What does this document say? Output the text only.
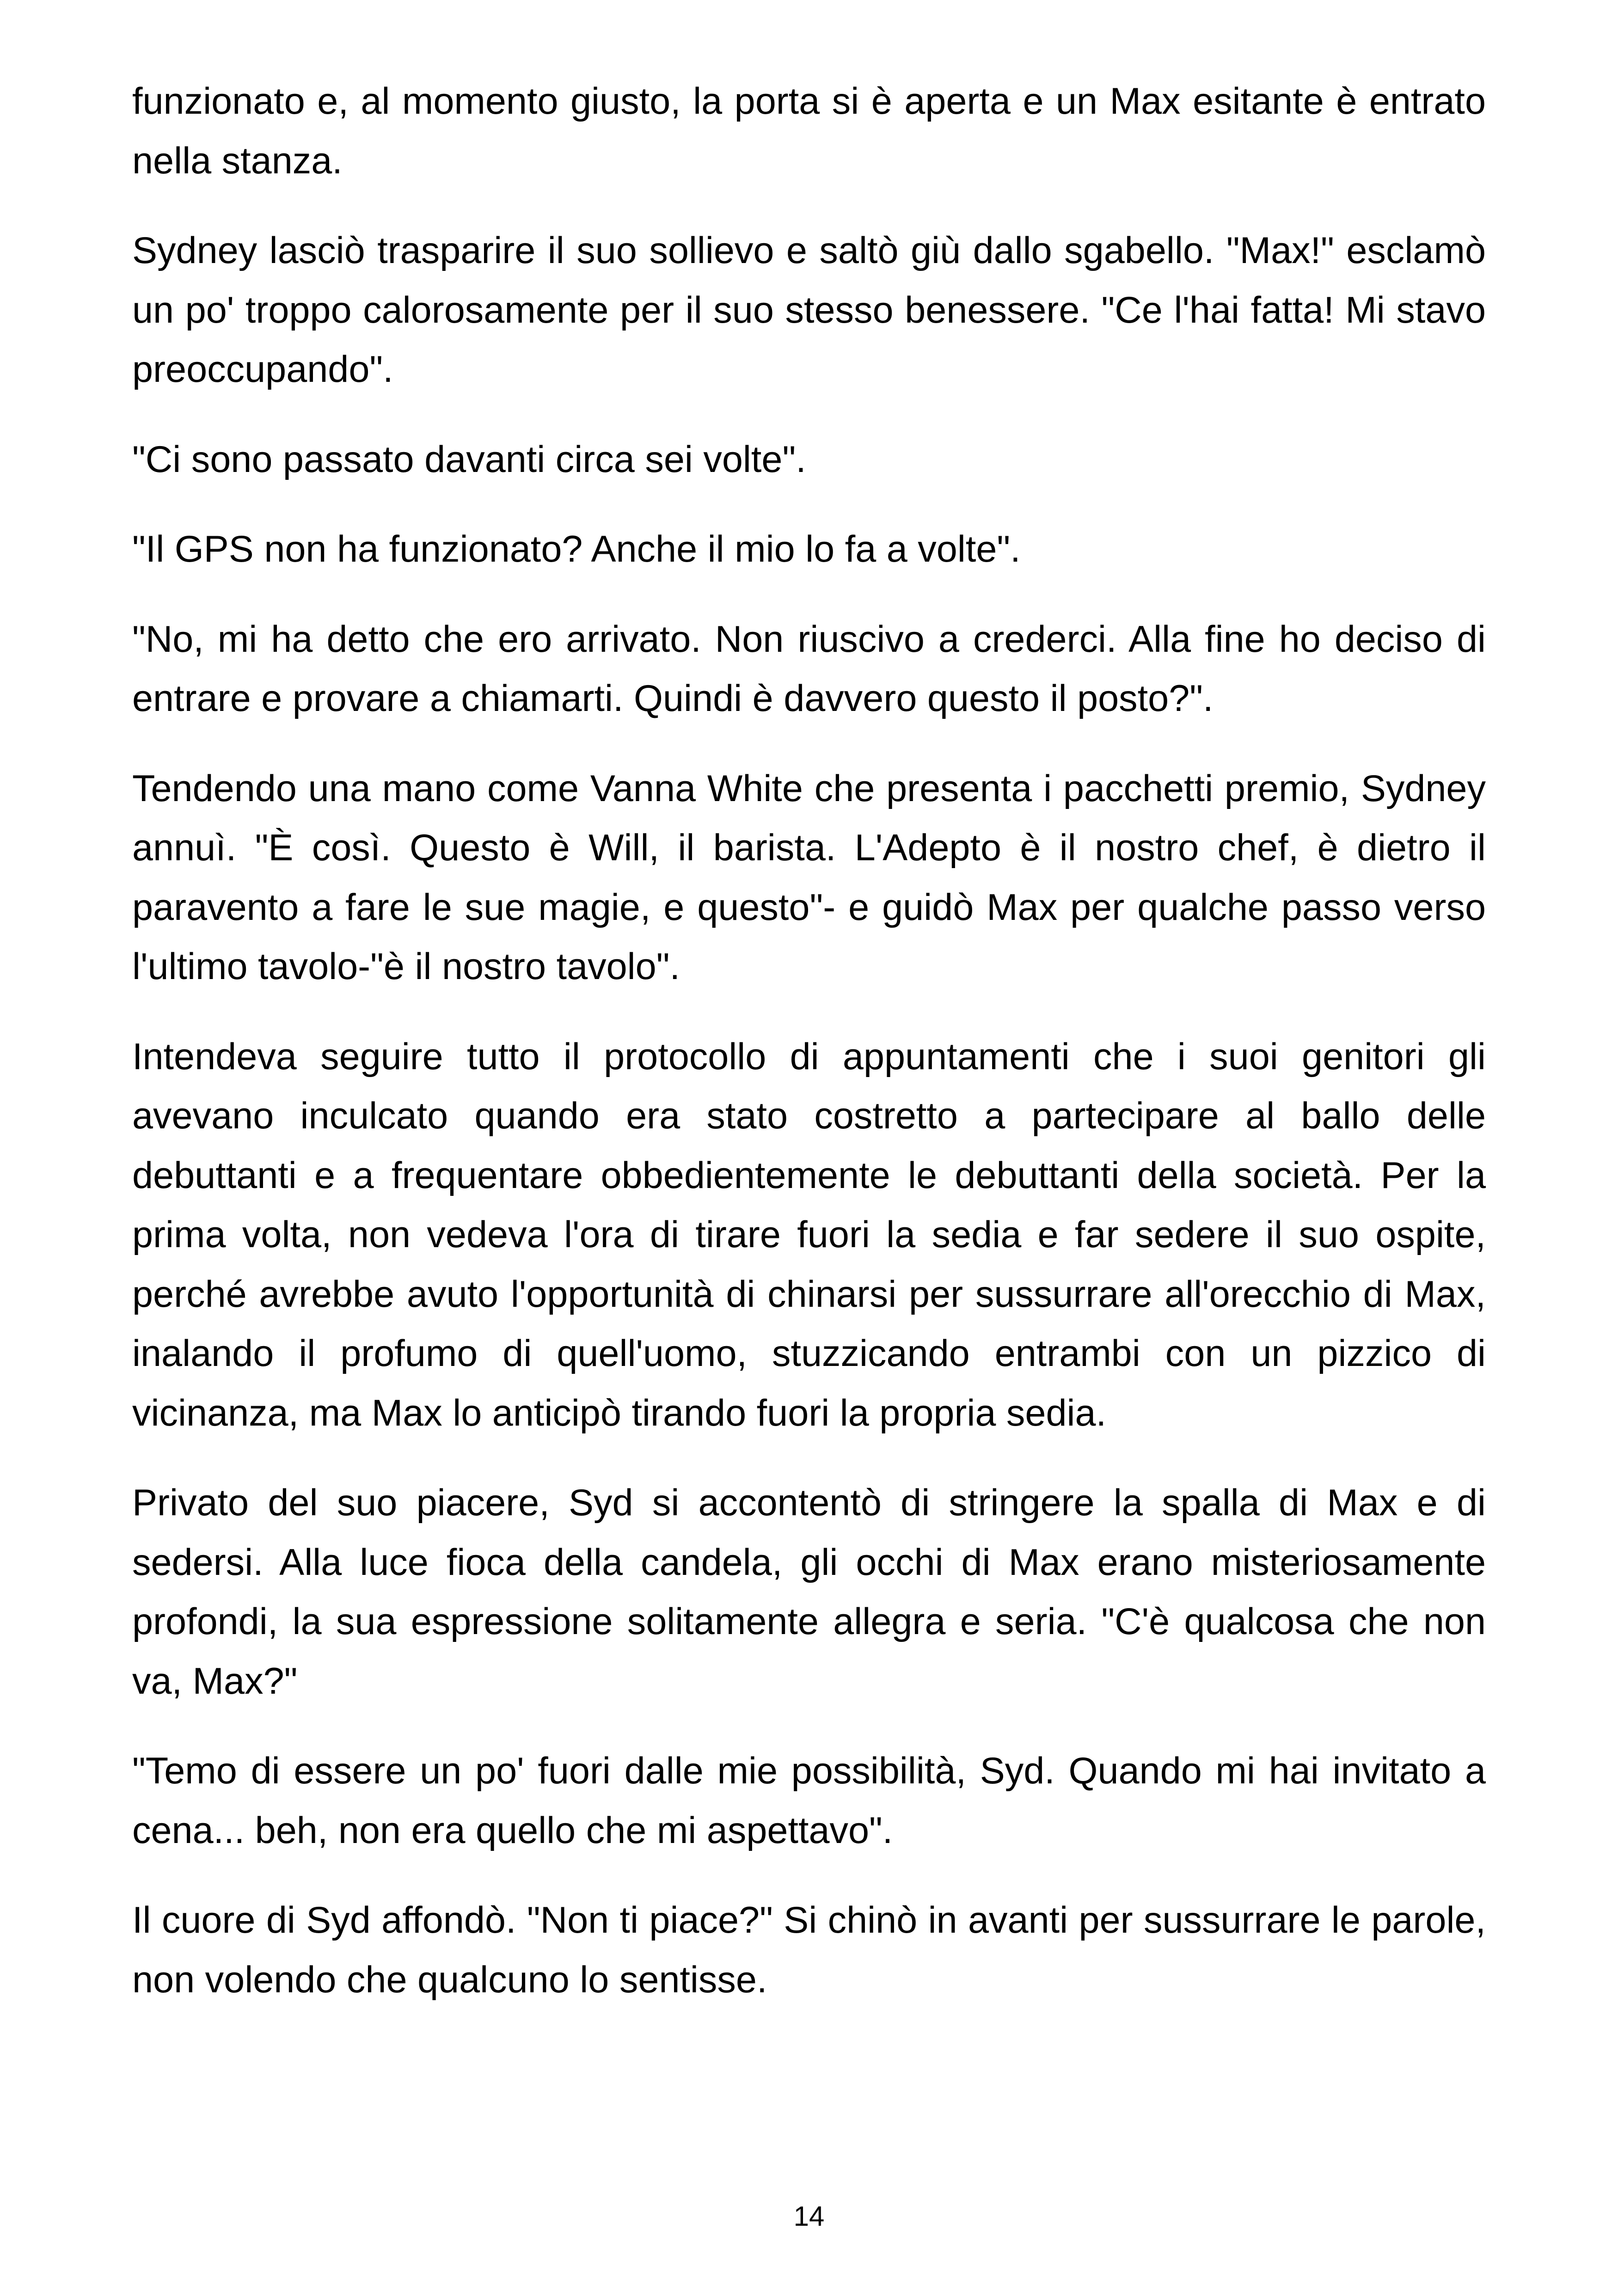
funzionato e, al momento giusto, la porta si è aperta e un Max esitante è entrato nella stanza.

Sydney lasciò trasparire il suo sollievo e saltò giù dallo sgabello. "Max!" esclamò un po' troppo calorosamente per il suo stesso benessere. "Ce l'hai fatta! Mi stavo preoccupando".

"Ci sono passato davanti circa sei volte".

"Il GPS non ha funzionato? Anche il mio lo fa a volte".

"No, mi ha detto che ero arrivato. Non riuscivo a crederci. Alla fine ho deciso di entrare e provare a chiamarti. Quindi è davvero questo il posto?".

Tendendo una mano come Vanna White che presenta i pacchetti premio, Sydney annuì. "È così. Questo è Will, il barista. L'Adepto è il nostro chef, è dietro il paravento a fare le sue magie, e questo"- e guidò Max per qualche passo verso l'ultimo tavolo-"è il nostro tavolo".

Intendeva seguire tutto il protocollo di appuntamenti che i suoi genitori gli avevano inculcato quando era stato costretto a partecipare al ballo delle debuttanti e a frequentare obbedientemente le debuttanti della società. Per la prima volta, non vedeva l'ora di tirare fuori la sedia e far sedere il suo ospite, perché avrebbe avuto l'opportunità di chinarsi per sussurrare all'orecchio di Max, inalando il profumo di quell'uomo, stuzzicando entrambi con un pizzico di vicinanza, ma Max lo anticipò tirando fuori la propria sedia.

Privato del suo piacere, Syd si accontentò di stringere la spalla di Max e di sedersi. Alla luce fioca della candela, gli occhi di Max erano misteriosamente profondi, la sua espressione solitamente allegra e seria. "C'è qualcosa che non va, Max?"

"Temo di essere un po' fuori dalle mie possibilità, Syd. Quando mi hai invitato a cena... beh, non era quello che mi aspettavo".

Il cuore di Syd affondò. "Non ti piace?" Si chinò in avanti per sussurrare le parole, non volendo che qualcuno lo sentisse.

14
